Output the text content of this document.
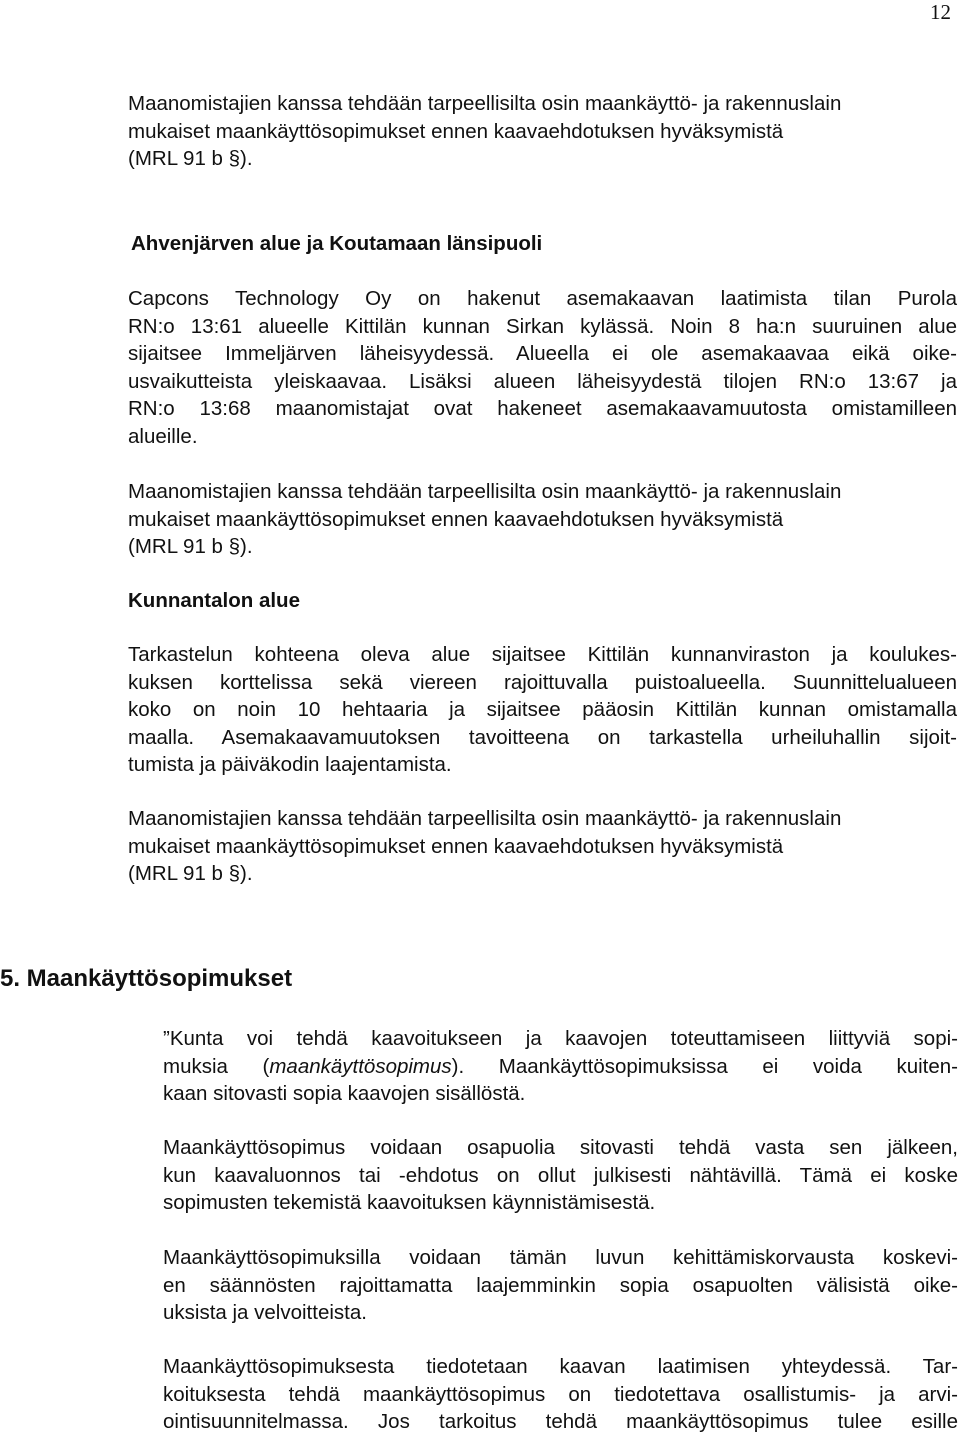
12
Maanomistajien kanssa tehdään tarpeellisilta osin maankäyttö- ja rakennuslain
mukaiset maankäyttösopimukset ennen kaavaehdotuksen hyväksymistä
(MRL 91 b §).
Ahvenjärven alue ja Koutamaan länsipuoli
Capcons Technology Oy on hakenut asemakaavan laatimista tilan Purola
RN:o 13:61 alueelle Kittilän kunnan Sirkan kylässä. Noin 8 ha:n suuruinen alue
sijaitsee Immeljärven läheisyydessä. Alueella ei ole asemakaavaa eikä oike-
usvaikutteista yleiskaavaa. Lisäksi alueen läheisyydestä tilojen RN:o 13:67 ja
RN:o 13:68 maanomistajat ovat hakeneet asemakaavamuutosta omistamilleen
alueille.
Maanomistajien kanssa tehdään tarpeellisilta osin maankäyttö- ja rakennuslain
mukaiset maankäyttösopimukset ennen kaavaehdotuksen hyväksymistä
(MRL 91 b §).
Kunnantalon alue
Tarkastelun kohteena oleva alue sijaitsee Kittilän kunnanviraston ja koulukes-
kuksen korttelissa sekä viereen rajoittuvalla puistoalueella. Suunnittelualueen
koko on noin 10 hehtaaria ja sijaitsee pääosin Kittilän kunnan omistamalla
maalla. Asemakaavamuutoksen tavoitteena on tarkastella urheiluhallin sijoit-
tumista ja päiväkodin laajentamista.
Maanomistajien kanssa tehdään tarpeellisilta osin maankäyttö- ja rakennuslain
mukaiset maankäyttösopimukset ennen kaavaehdotuksen hyväksymistä
(MRL 91 b §).
5. Maankäyttösopimukset
”Kunta voi tehdä kaavoitukseen ja kaavojen toteuttamiseen liittyviä sopi-
muksia (maankäyttösopimus). Maankäyttösopimuksissa ei voida kuiten-
kaan sitovasti sopia kaavojen sisällöstä.
Maankäyttösopimus voidaan osapuolia sitovasti tehdä vasta sen jälkeen,
kun kaavaluonnos tai -ehdotus on ollut julkisesti nähtävillä. Tämä ei koske
sopimusten tekemistä kaavoituksen käynnistämisestä.
Maankäyttösopimuksilla voidaan tämän luvun kehittämiskorvausta koskevi-
en säännösten rajoittamatta laajemminkin sopia osapuolten välisistä oike-
uksista ja velvoitteista.
Maankäyttösopimuksesta tiedotetaan kaavan laatimisen yhteydessä. Tar-
koituksesta tehdä maankäyttösopimus on tiedotettava osallistumis- ja arvi-
ointisuunnitelmassa. Jos tarkoitus tehdä maankäyttösopimus tulee esille
